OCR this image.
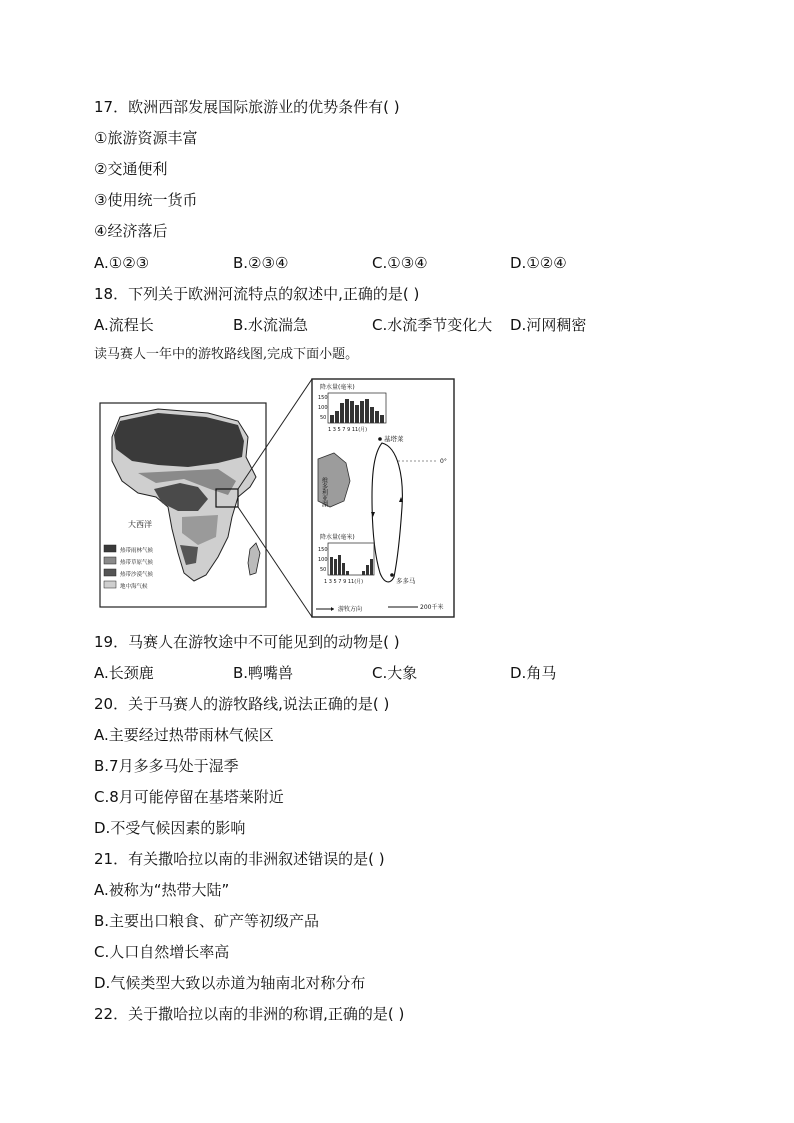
17．欧洲西部发展国际旅游业的优势条件有( )
①旅游资源丰富
②交通便利
③使用统一货币
④经济落后
A.①②③	B.②③④	C.①③④	D.①②④
18．下列关于欧洲河流特点的叙述中,正确的是( )
A.流程长	B.水流湍急	C.水流季节变化大 D.河网稠密
读马赛人一年中的游牧路线图,完成下面小题。
大西洋
热带雨林气候
热带草原气候
热带沙漠气候
地中海气候
维多利亚湖
降水量(毫米)
150
100
50
1 3 5 7 9 11(月)
基塔莱
0°
降水量(毫米)
150
100
50
1 3 5 7 9 11(月)	多多马
游牧方向	200千米
19．马赛人在游牧途中不可能见到的动物是( )
A.长颈鹿	B.鸭嘴兽	C.大象	D.角马
20．关于马赛人的游牧路线,说法正确的是( )
A.主要经过热带雨林气候区
B.7月多多马处于湿季
C.8月可能停留在基塔莱附近
D.不受气候因素的影响
21．有关撒哈拉以南的非洲叙述错误的是( )
A.被称为“热带大陆”
B.主要出口粮食、矿产等初级产品
C.人口自然增长率高
D.气候类型大致以赤道为轴南北对称分布
22．关于撒哈拉以南的非洲的称谓,正确的是( )
